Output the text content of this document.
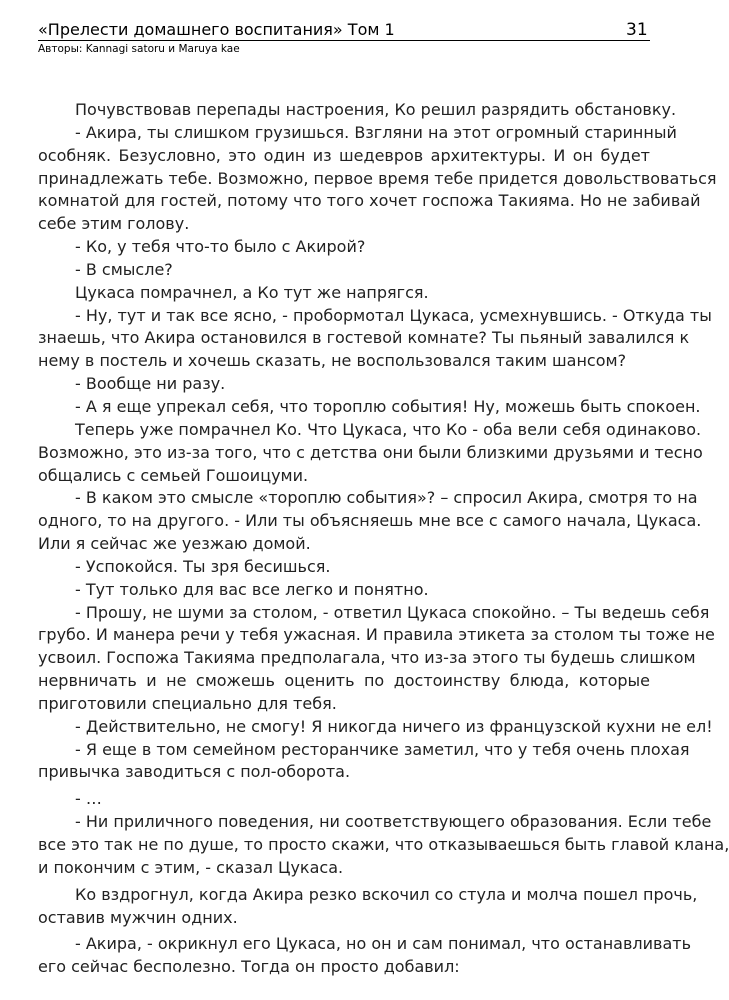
«Прелести домашнего воспитания» Том 1
Авторы: Kannagi satoru и Maruya kae
31
Почувствовав перепады настроения, Ко решил разрядить обстановку.
- Акира, ты слишком грузишься. Взгляни на этот огромный старинный
особняк. Безусловно, это один из шедевров архитектуры. И он будет
принадлежать тебе. Возможно, первое время тебе придется довольствоваться
комнатой для гостей, потому что того хочет госпожа Такияма. Но не забивай
себе этим голову.
- Ко, у тебя что-то было с Акирой?
- В смысле?
Цукаса помрачнел, а Ко тут же напрягся.
- Ну, тут и так все ясно, - пробормотал Цукаса, усмехнувшись. - Откуда ты
знаешь, что Акира остановился в гостевой комнате? Ты пьяный завалился к
нему в постель и хочешь сказать, не воспользовался таким шансом?
- Вообще ни разу.
- А я еще упрекал себя, что тороплю события! Ну, можешь быть спокоен.
Теперь уже помрачнел Ко. Что Цукаса, что Ко - оба вели себя одинаково.
Возможно, это из-за того, что с детства они были близкими друзьями и тесно
общались с семьей Гошоицуми.
- В каком это смысле «тороплю события»? – спросил Акира, смотря то на
одного, то на другого. - Или ты объясняешь мне все с самого начала, Цукаса.
Или я сейчас же уезжаю домой.
- Успокойся. Ты зря бесишься.
- Тут только для вас все легко и понятно.
- Прошу, не шуми за столом, - ответил Цукаса спокойно. – Ты ведешь себя
грубо. И манера речи у тебя ужасная. И правила этикета за столом ты тоже не
усвоил. Госпожа Такияма предполагала, что из-за этого ты будешь слишком
нервничать и не сможешь оценить по достоинству блюда, которые
приготовили специально для тебя.
- Действительно, не смогу! Я никогда ничего из французской кухни не ел!
- Я еще в том семейном ресторанчике заметил, что у тебя очень плохая
привычка заводиться с пол-оборота.
- …
- Ни приличного поведения, ни соответствующего образования. Если тебе
все это так не по душе, то просто скажи, что отказываешься быть главой клана,
и покончим с этим, - сказал Цукаса.
Ко вздрогнул, когда Акира резко вскочил со стула и молча пошел прочь,
оставив мужчин одних.
- Акира, - окрикнул его Цукаса, но он и сам понимал, что останавливать
его сейчас бесполезно. Тогда он просто добавил:
